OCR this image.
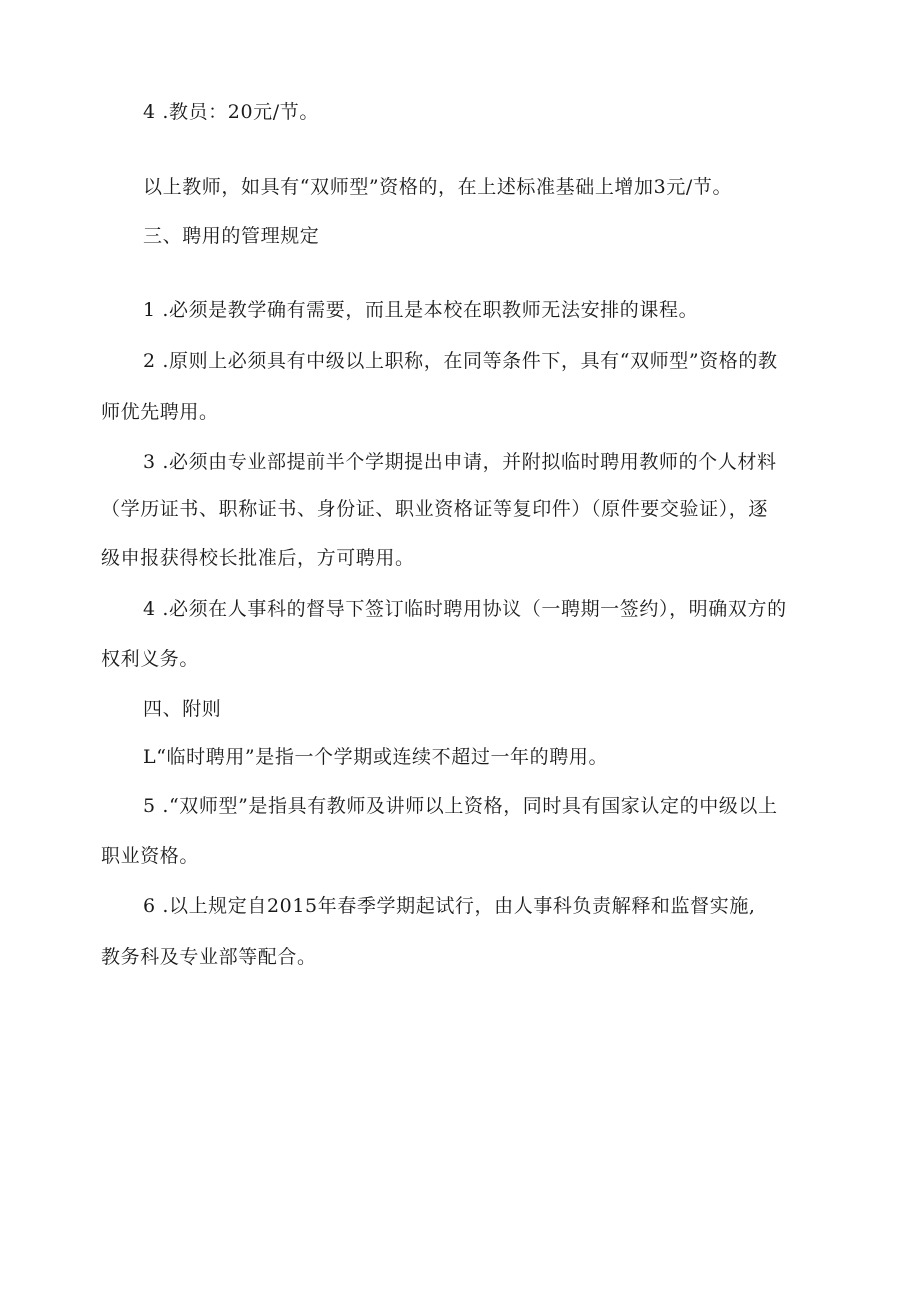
4 .教员：20元/节。
以上教师，如具有“双师型”资格的，在上述标准基础上增加3元/节。
三、聘用的管理规定
1 .必须是教学确有需要，而且是本校在职教师无法安排的课程。
2 .原则上必须具有中级以上职称，在同等条件下，具有“双师型”资格的教
师优先聘用。
3 .必须由专业部提前半个学期提出申请，并附拟临时聘用教师的个人材料
（学历证书、职称证书、身份证、职业资格证等复印件）（原件要交验证），逐
级申报获得校长批准后，方可聘用。
4 .必须在人事科的督导下签订临时聘用协议（一聘期一签约），明确双方的
权利义务。
四、附则
L“临时聘用”是指一个学期或连续不超过一年的聘用。
5 .“双师型”是指具有教师及讲师以上资格，同时具有国家认定的中级以上
职业资格。
6 .以上规定自2015年春季学期起试行，由人事科负责解释和监督实施,
教务科及专业部等配合。
